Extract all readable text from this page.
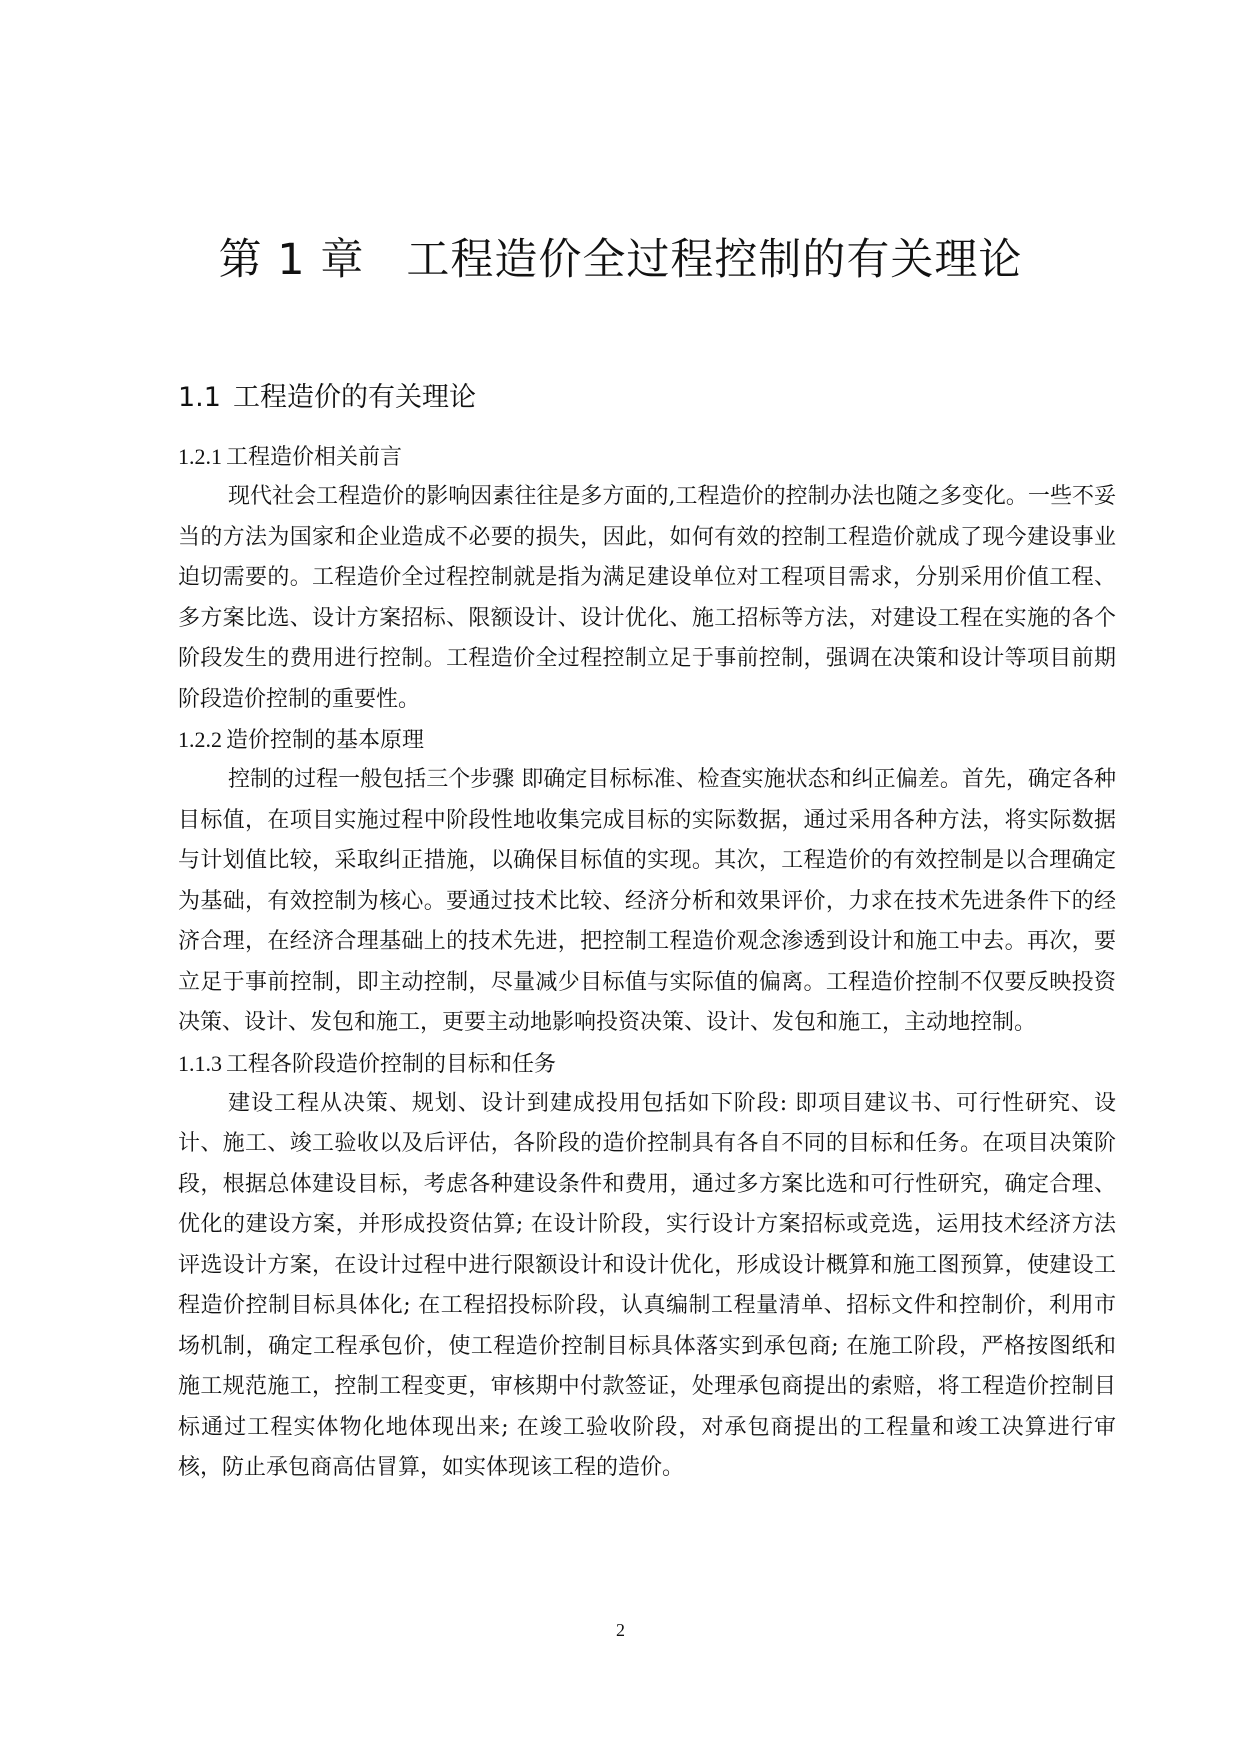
第 1 章 工程造价全过程控制的有关理论
1.1 工程造价的有关理论
1.2.1 工程造价相关前言

现代社会工程造价的影响因素往往是多方面的,工程造价的控制办法也随之多变化。一些不妥当的方法为国家和企业造成不必要的损失，因此，如何有效的控制工程造价就成了现今建设事业迫切需要的。工程造价全过程控制就是指为满足建设单位对工程项目需求，分别采用价值工程、多方案比选、设计方案招标、限额设计、设计优化、施工招标等方法，对建设工程在实施的各个阶段发生的费用进行控制。工程造价全过程控制立足于事前控制，强调在决策和设计等项目前期阶段造价控制的重要性。

1.2.2 造价控制的基本原理

控制的过程一般包括三个步骤 即确定目标标准、检查实施状态和纠正偏差。首先，确定各种目标值，在项目实施过程中阶段性地收集完成目标的实际数据，通过采用各种方法，将实际数据与计划值比较，采取纠正措施，以确保目标值的实现。其次，工程造价的有效控制是以合理确定为基础，有效控制为核心。要通过技术比较、经济分析和效果评价，力求在技术先进条件下的经济合理，在经济合理基础上的技术先进，把控制工程造价观念渗透到设计和施工中去。再次，要立足于事前控制，即主动控制，尽量减少目标值与实际值的偏离。工程造价控制不仅要反映投资决策、设计、发包和施工，更要主动地影响投资决策、设计、发包和施工，主动地控制。

1.1.3 工程各阶段造价控制的目标和任务

建设工程从决策、规划、设计到建成投用包括如下阶段: 即项目建议书、可行性研究、设计、施工、竣工验收以及后评估，各阶段的造价控制具有各自不同的目标和任务。在项目决策阶段，根据总体建设目标，考虑各种建设条件和费用，通过多方案比选和可行性研究，确定合理、优化的建设方案，并形成投资估算; 在设计阶段，实行设计方案招标或竞选，运用技术经济方法评选设计方案，在设计过程中进行限额设计和设计优化，形成设计概算和施工图预算，使建设工程造价控制目标具体化; 在工程招投标阶段，认真编制工程量清单、招标文件和控制价，利用市场机制，确定工程承包价，使工程造价控制目标具体落实到承包商; 在施工阶段，严格按图纸和施工规范施工，控制工程变更，审核期中付款签证，处理承包商提出的索赔，将工程造价控制目标通过工程实体物化地体现出来; 在竣工验收阶段，对承包商提出的工程量和竣工决算进行审核，防止承包商高估冒算，如实体现该工程的造价。

2
